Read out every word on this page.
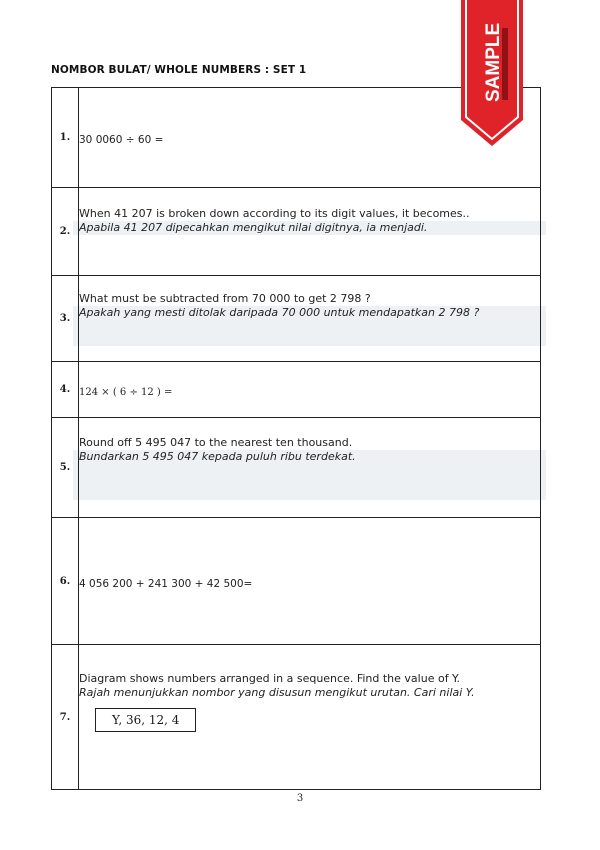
NOMBOR BULAT/ WHOLE NUMBERS : SET 1
1.	30 0060 ÷ 60 =
2.	When 41 207 is broken down according to its digit values, it becomes..
Apabila 41 207 dipecahkan mengikut nilai digitnya, ia menjadi.

3.	What must be subtracted from 70 000 to get 2 798 ?
Apakah yang mesti ditolak daripada 70 000 untuk mendapatkan 2 798 ?

4.	124 × ( 6 ÷ 12 ) =
5.	Round off 5 495 047 to the nearest ten thousand.
Bundarkan 5 495 047 kepada puluh ribu terdekat.

6.	4 056 200 + 241 300 + 42 500=
7.	Diagram shows numbers arranged in a sequence. Find the value of Y.
Rajah menunjukkan nombor yang disusun mengikut urutan. Cari nilai Y.
Y, 36, 12, 4
3
SAMPLE
